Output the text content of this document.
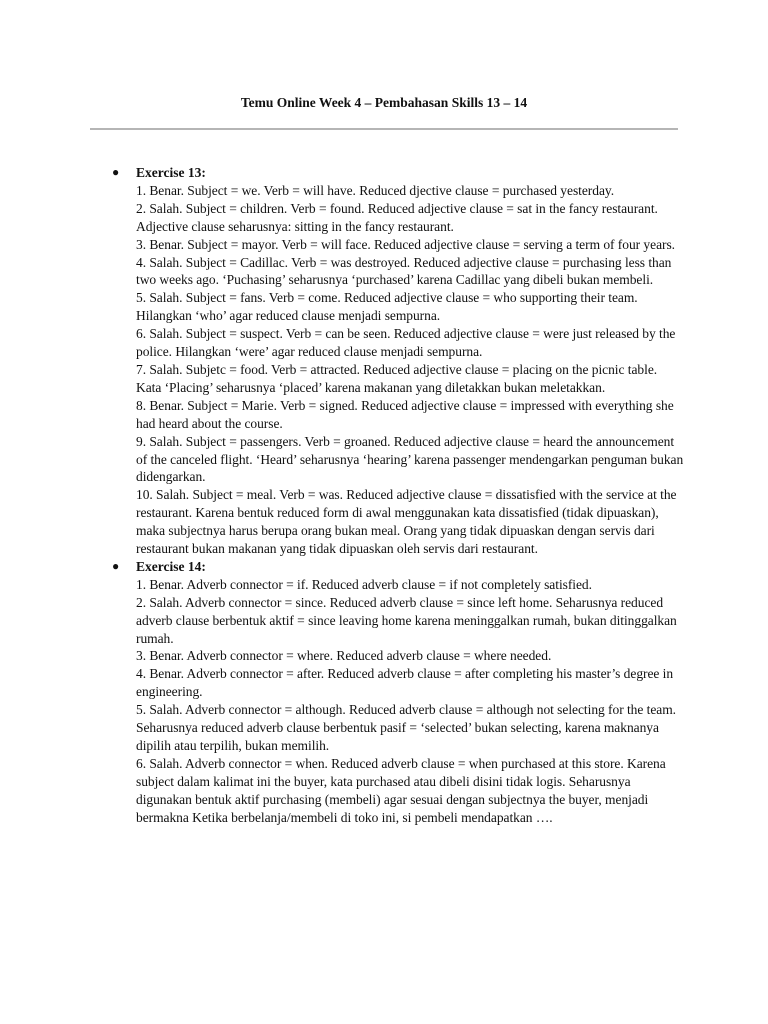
Temu Online Week 4 – Pembahasan Skills 13 – 14
● Exercise 13:
1. Benar. Subject = we. Verb = will have. Reduced djective clause = purchased yesterday.
2. Salah. Subject = children. Verb = found. Reduced adjective clause = sat in the fancy restaurant. Adjective clause seharusnya: sitting in the fancy restaurant.
3. Benar. Subject = mayor. Verb = will face. Reduced adjective clause = serving a term of four years.
4. Salah. Subject = Cadillac. Verb = was destroyed. Reduced adjective clause = purchasing less than two weeks ago. ‘Puchasing’ seharusnya ‘purchased’ karena Cadillac yang dibeli bukan membeli.
5. Salah. Subject = fans. Verb = come. Reduced adjective clause = who supporting their team. Hilangkan ‘who’ agar reduced clause menjadi sempurna.
6. Salah. Subject = suspect. Verb = can be seen. Reduced adjective clause = were just released by the police. Hilangkan ‘were’ agar reduced clause menjadi sempurna.
7. Salah. Subjetc = food. Verb = attracted. Reduced adjective clause = placing on the picnic table. Kata ‘Placing’ seharusnya ‘placed’ karena makanan yang diletakkan bukan meletakkan.
8. Benar. Subject = Marie. Verb = signed. Reduced adjective clause = impressed with everything she had heard about the course.
9. Salah. Subject = passengers. Verb = groaned. Reduced adjective clause = heard the announcement of the canceled flight. ‘Heard’ seharusnya ‘hearing’ karena passenger mendengarkan penguman bukan didengarkan.
10. Salah. Subject = meal. Verb = was. Reduced adjective clause = dissatisfied with the service at the restaurant. Karena bentuk reduced form di awal menggunakan kata dissatisfied (tidak dipuaskan), maka subjectnya harus berupa orang bukan meal. Orang yang tidak dipuaskan dengan servis dari restaurant bukan makanan yang tidak dipuaskan oleh servis dari restaurant.
● Exercise 14:
1. Benar. Adverb connector = if. Reduced adverb clause = if not completely satisfied.
2. Salah. Adverb connector = since. Reduced adverb clause = since left home. Seharusnya reduced adverb clause berbentuk aktif = since leaving home karena meninggalkan rumah, bukan ditinggalkan rumah.
3. Benar. Adverb connector = where. Reduced adverb clause = where needed.
4. Benar. Adverb connector = after. Reduced adverb clause = after completing his master’s degree in engineering.
5. Salah. Adverb connector = although. Reduced adverb clause = although not selecting for the team. Seharusnya reduced adverb clause berbentuk pasif = ‘selected’ bukan selecting, karena maknanya dipilih atau terpilih, bukan memilih.
6. Salah. Adverb connector = when. Reduced adverb clause = when purchased at this store. Karena subject dalam kalimat ini the buyer, kata purchased atau dibeli disini tidak logis. Seharusnya digunakan bentuk aktif purchasing (membeli) agar sesuai dengan subjectnya the buyer, menjadi bermakna Ketika berbelanja/membeli di toko ini, si pembeli mendapatkan ….
